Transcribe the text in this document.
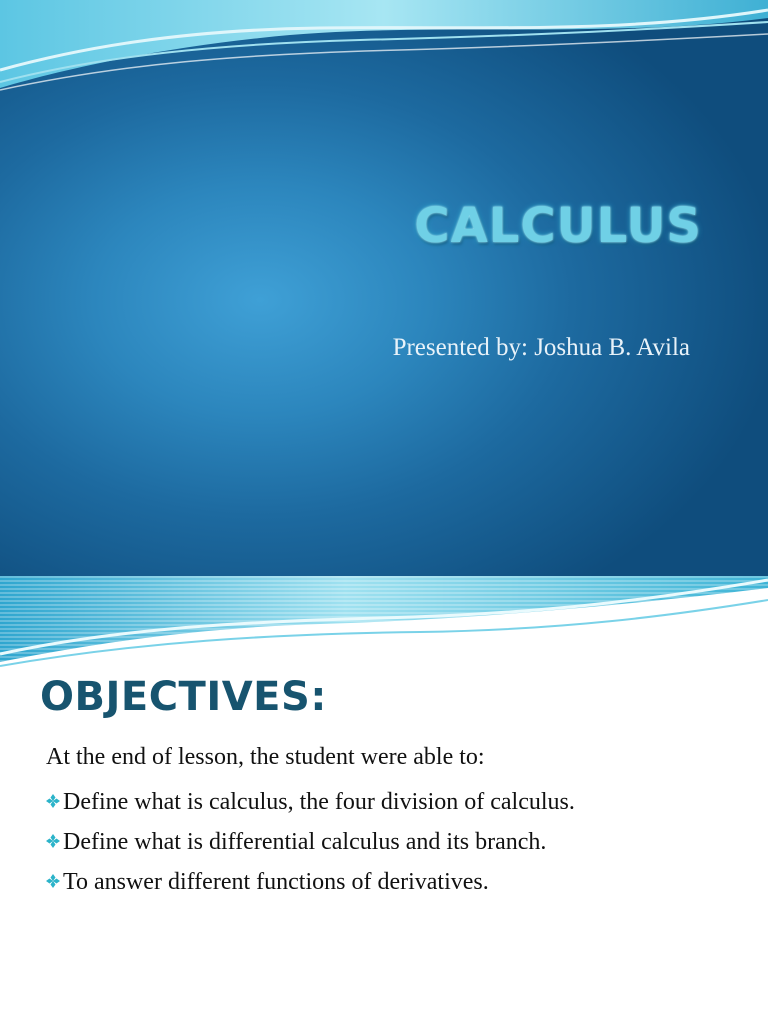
CALCULUS

Presented by: Joshua B. Avila

OBJECTIVES:

At the end of lesson, the student were able to:

Define what is calculus, the four division of calculus.
Define what is differential calculus and its branch.
To answer different functions of derivatives.
